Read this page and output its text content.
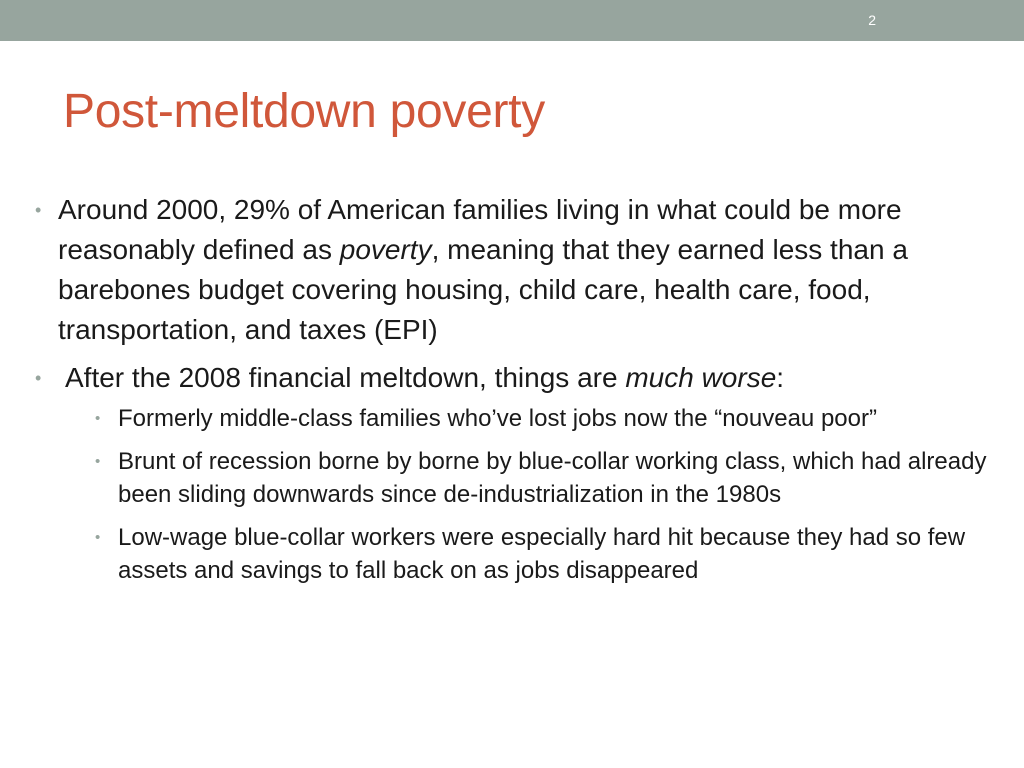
2
Post-meltdown poverty
• Around 2000, 29% of American families living in what could be more reasonably defined as poverty, meaning that they earned less than a barebones budget covering housing, child care, health care, food, transportation, and taxes (EPI)
• After the 2008 financial meltdown, things are much worse:
• Formerly middle-class families who’ve lost jobs now the “nouveau poor”
• Brunt of recession borne by borne by blue-collar working class, which had already been sliding downwards since de-industrialization in the 1980s
• Low-wage blue-collar workers were especially hard hit because they had so few assets and savings to fall back on as jobs disappeared
